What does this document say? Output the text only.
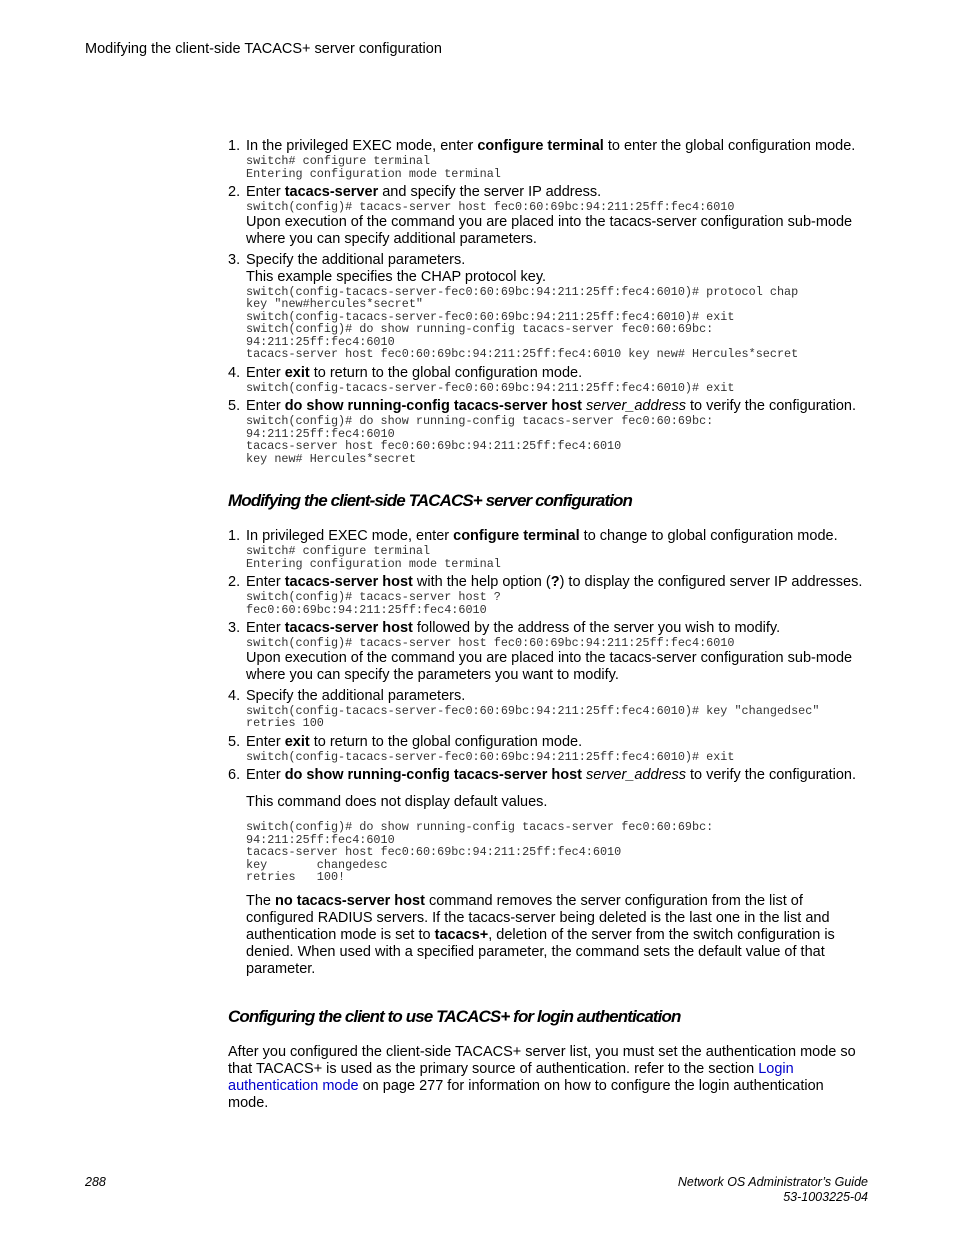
Modifying the client-side TACACS+ server configuration
1. In the privileged EXEC mode, enter configure terminal to enter the global configuration mode.

switch# configure terminal
Entering configuration mode terminal
2. Enter tacacs-server and specify the server IP address.

switch(config)# tacacs-server host fec0:60:69bc:94:211:25ff:fec4:6010

Upon execution of the command you are placed into the tacacs-server configuration sub-mode where you can specify additional parameters.

3. Specify the additional parameters.

This example specifies the CHAP protocol key.

switch(config-tacacs-server-fec0:60:69bc:94:211:25ff:fec4:6010)# protocol chap
key "new#hercules*secret"
switch(config-tacacs-server-fec0:60:69bc:94:211:25ff:fec4:6010)# exit
switch(config)# do show running-config tacacs-server fec0:60:69bc:
94:211:25ff:fec4:6010
tacacs-server host fec0:60:69bc:94:211:25ff:fec4:6010 key new# Hercules*secret
4. Enter exit to return to the global configuration mode.

switch(config-tacacs-server-fec0:60:69bc:94:211:25ff:fec4:6010)# exit
5. Enter do show running-config tacacs-server host server_address to verify the configuration.

switch(config)# do show running-config tacacs-server fec0:60:69bc:
94:211:25ff:fec4:6010
tacacs-server host fec0:60:69bc:94:211:25ff:fec4:6010
key new# Hercules*secret
Modifying the client-side TACACS+ server configuration
1. In privileged EXEC mode, enter configure terminal to change to global configuration mode.

switch# configure terminal
Entering configuration mode terminal
2. Enter tacacs-server host with the help option (?) to display the configured server IP addresses.

switch(config)# tacacs-server host ?
fec0:60:69bc:94:211:25ff:fec4:6010
3. Enter tacacs-server host followed by the address of the server you wish to modify.

switch(config)# tacacs-server host fec0:60:69bc:94:211:25ff:fec4:6010

Upon execution of the command you are placed into the tacacs-server configuration sub-mode where you can specify the parameters you want to modify.

4. Specify the additional parameters.

switch(config-tacacs-server-fec0:60:69bc:94:211:25ff:fec4:6010)# key "changedsec"
retries 100
5. Enter exit to return to the global configuration mode.

switch(config-tacacs-server-fec0:60:69bc:94:211:25ff:fec4:6010)# exit
6. Enter do show running-config tacacs-server host server_address to verify the configuration.

This command does not display default values.

switch(config)# do show running-config tacacs-server fec0:60:69bc:
94:211:25ff:fec4:6010
tacacs-server host fec0:60:69bc:94:211:25ff:fec4:6010
key       changedesc
retries   100!

The no tacacs-server host command removes the server configuration from the list of configured RADIUS servers. If the tacacs-server being deleted is the last one in the list and authentication mode is set to tacacs+, deletion of the server from the switch configuration is denied. When used with a specified parameter, the command sets the default value of that parameter.

Configuring the client to use TACACS+ for login authentication

After you configured the client-side TACACS+ server list, you must set the authentication mode so that TACACS+ is used as the primary source of authentication. refer to the section Login authentication mode on page 277 for information on how to configure the login authentication mode.

288	Network OS Administrator’s Guide
53-1003225-04
